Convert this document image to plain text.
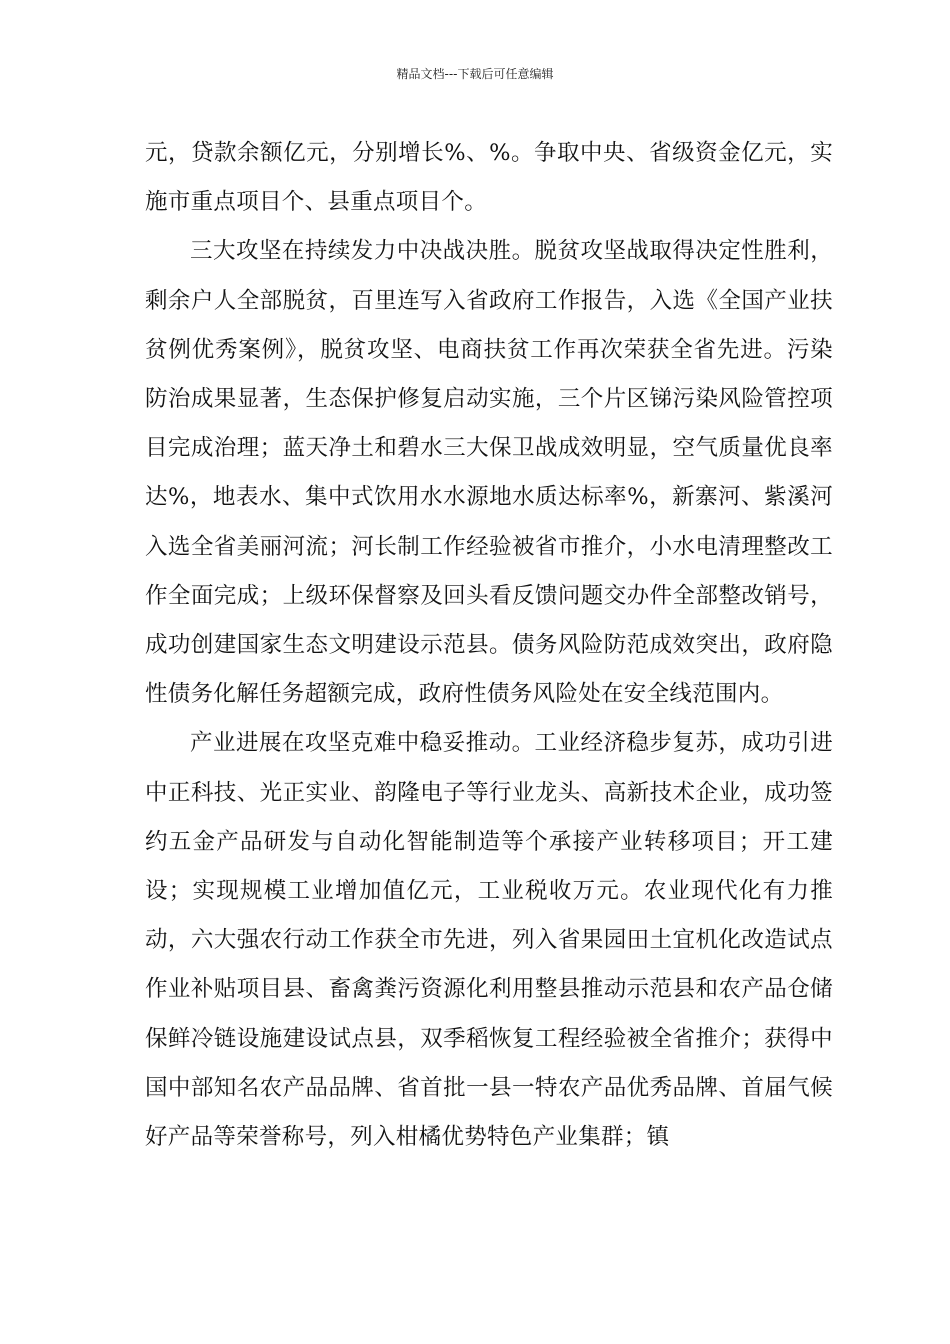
精品文档---下载后可任意编辑

元，贷款余额亿元，分别增长%、%。争取中央、省级资金亿元，实施市重点项目个、县重点项目个。

三大攻坚在持续发力中决战决胜。脱贫攻坚战取得决定性胜利，剩余户人全部脱贫，百里连写入省政府工作报告，入选《全国产业扶贫例优秀案例》，脱贫攻坚、电商扶贫工作再次荣获全省先进。污染防治成果显著，生态保护修复启动实施，三个片区锑污染风险管控项目完成治理；蓝天净土和碧水三大保卫战成效明显，空气质量优良率达%，地表水、集中式饮用水水源地水质达标率%，新寨河、紫溪河入选全省美丽河流；河长制工作经验被省市推介，小水电清理整改工作全面完成；上级环保督察及回头看反馈问题交办件全部整改销号，成功创建国家生态文明建设示范县。债务风险防范成效突出，政府隐性债务化解任务超额完成，政府性债务风险处在安全线范围内。

产业进展在攻坚克难中稳妥推动。工业经济稳步复苏，成功引进中正科技、光正实业、韵隆电子等行业龙头、高新技术企业，成功签约五金产品研发与自动化智能制造等个承接产业转移项目；开工建设；实现规模工业增加值亿元，工业税收万元。农业现代化有力推动，六大强农行动工作获全市先进，列入省果园田土宜机化改造试点作业补贴项目县、畜禽粪污资源化利用整县推动示范县和农产品仓储保鲜冷链设施建设试点县，双季稻恢复工程经验被全省推介；获得中国中部知名农产品品牌、省首批一县一特农产品优秀品牌、首届气候好产品等荣誉称号，列入柑橘优势特色产业集群；镇
